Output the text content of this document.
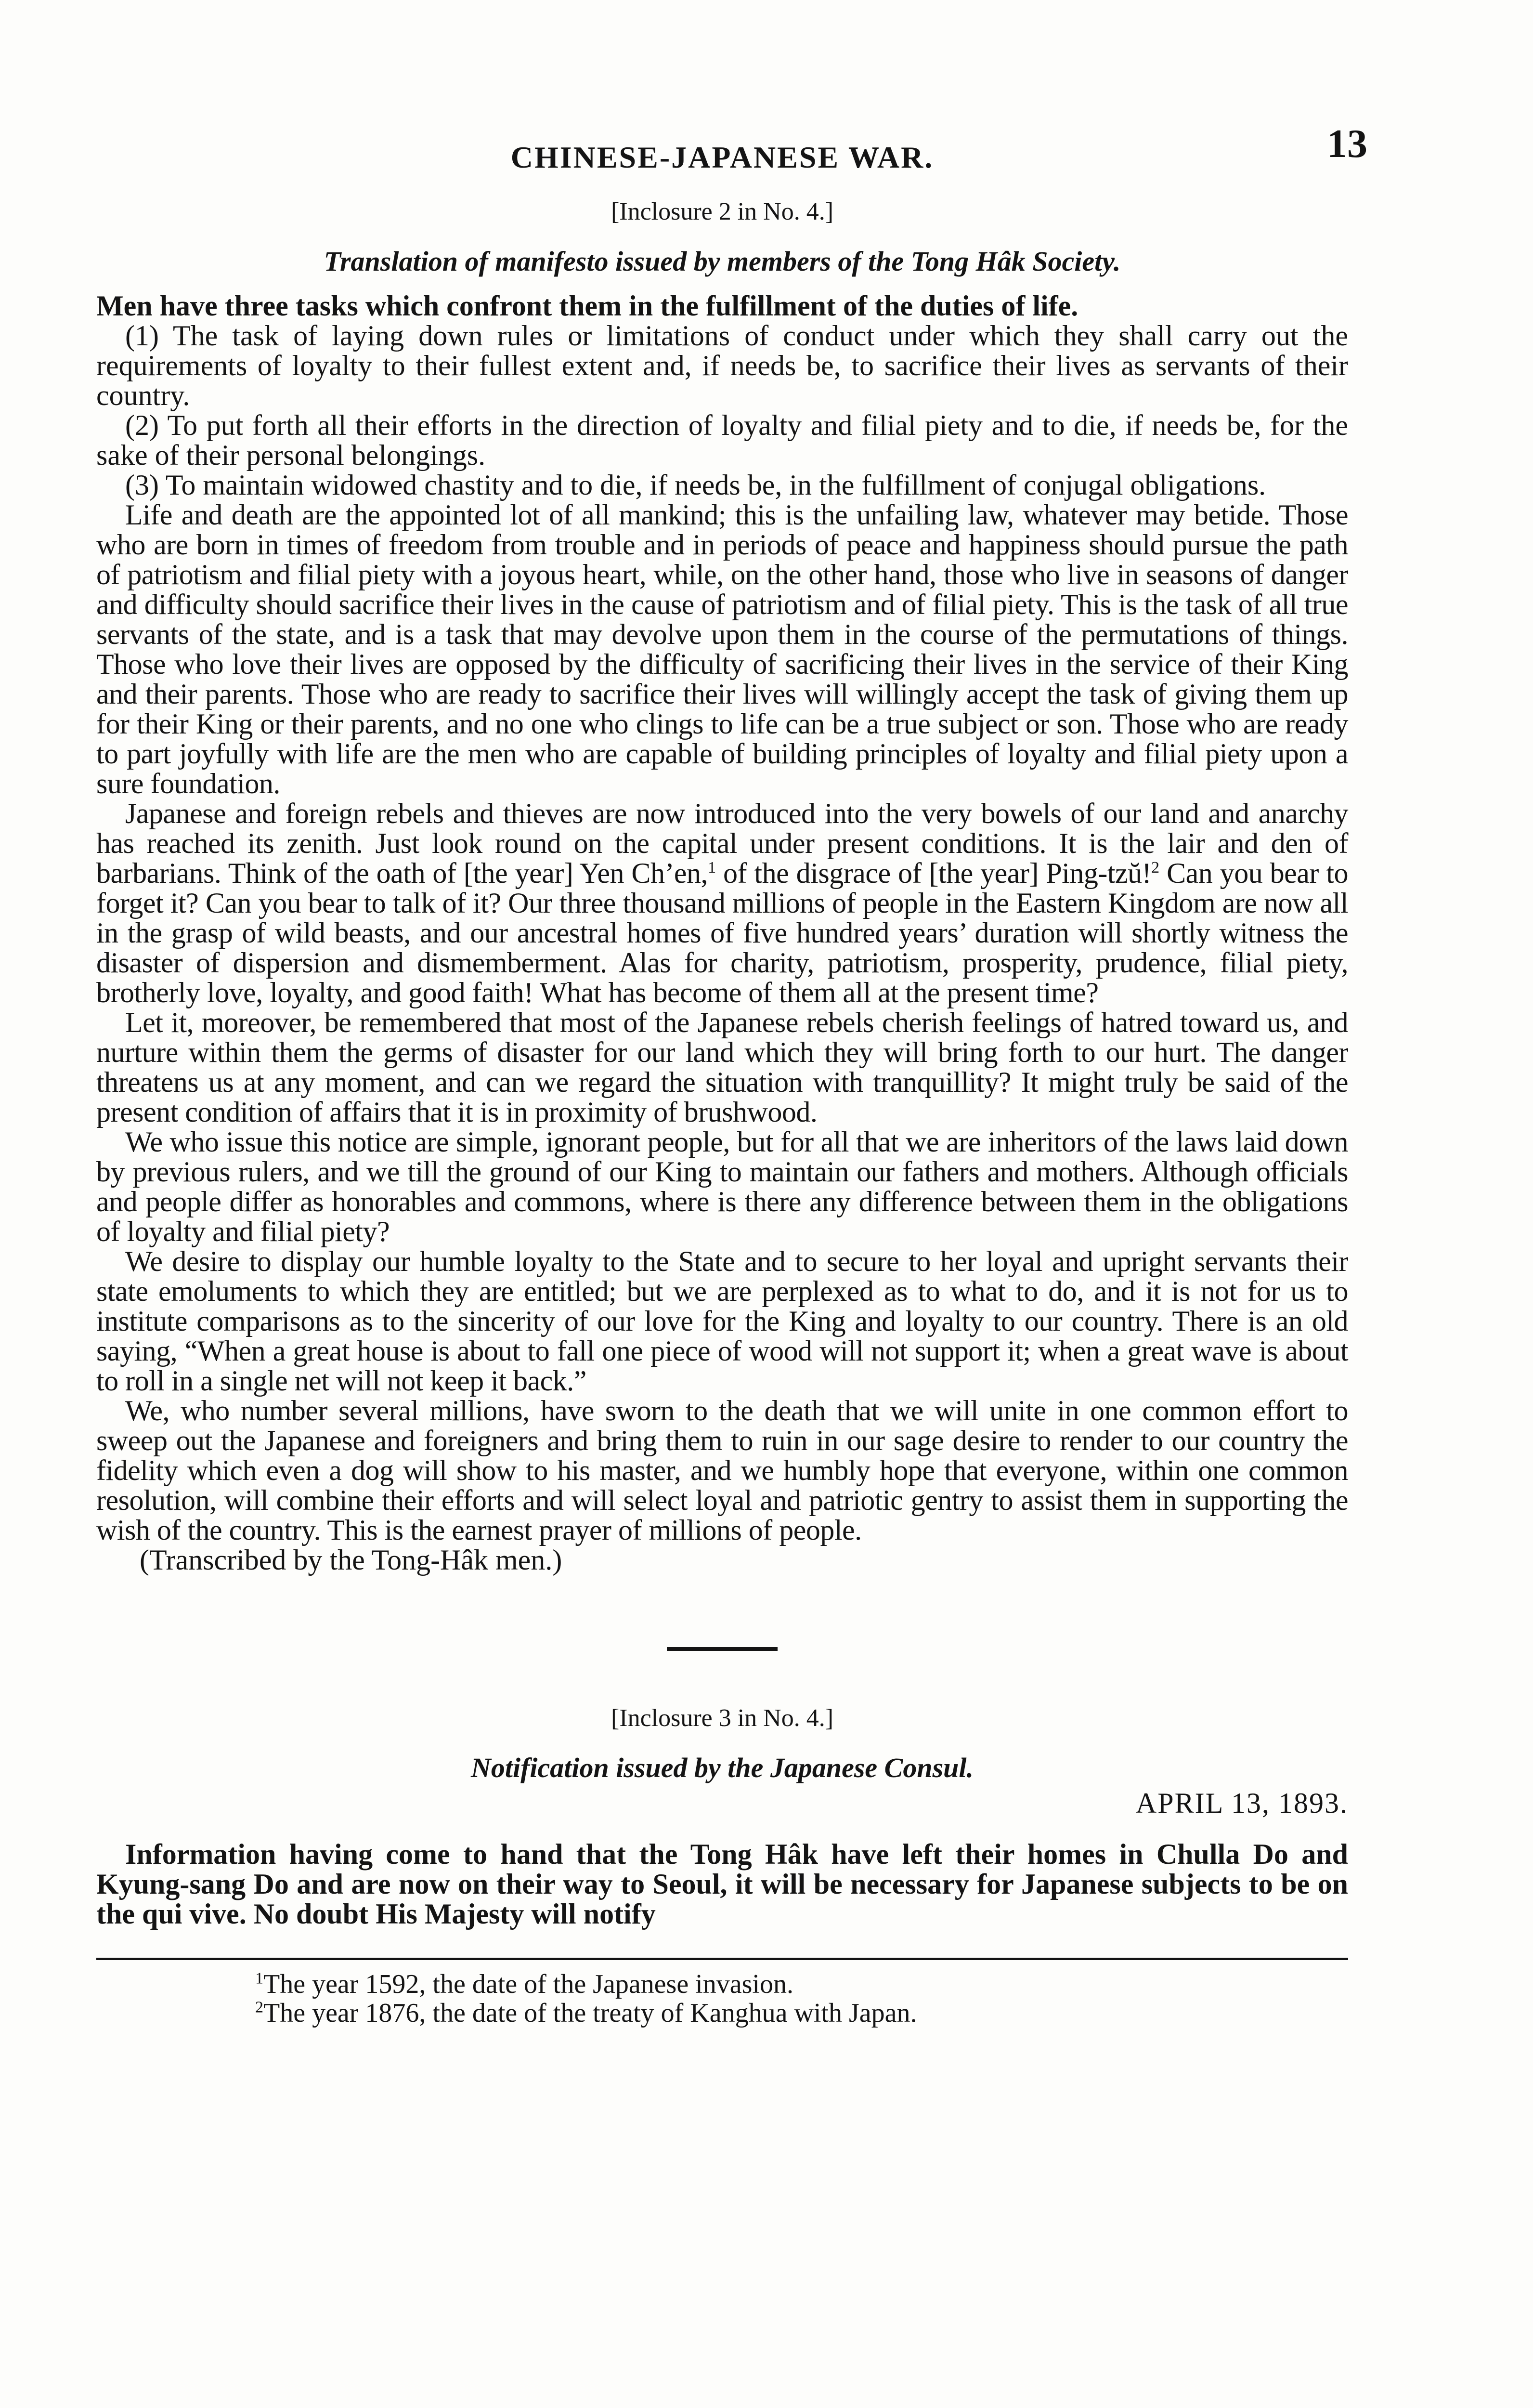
CHINESE-JAPANESE WAR.	13
[Inclosure 2 in No. 4.]
Translation of manifesto issued by members of the Tong Hâk Society.

Men have three tasks which confront them in the fulfillment of the duties of life.

(1) The task of laying down rules or limitations of conduct under which they shall carry out the requirements of loyalty to their fullest extent and, if needs be, to sacrifice their lives as servants of their country.

(2) To put forth all their efforts in the direction of loyalty and filial piety and to die, if needs be, for the sake of their personal belongings.

(3) To maintain widowed chastity and to die, if needs be, in the fulfillment of conjugal obligations.

Life and death are the appointed lot of all mankind; this is the unfailing law, whatever may betide. Those who are born in times of freedom from trouble and in periods of peace and happiness should pursue the path of patriotism and filial piety with a joyous heart, while, on the other hand, those who live in seasons of danger and difficulty should sacrifice their lives in the cause of patriotism and of filial piety. This is the task of all true servants of the state, and is a task that may devolve upon them in the course of the permutations of things. Those who love their lives are opposed by the difficulty of sacrificing their lives in the service of their King and their parents. Those who are ready to sacrifice their lives will willingly accept the task of giving them up for their King or their parents, and no one who clings to life can be a true subject or son. Those who are ready to part joyfully with life are the men who are capable of building principles of loyalty and filial piety upon a sure foundation.

Japanese and foreign rebels and thieves are now introduced into the very bowels of our land and anarchy has reached its zenith. Just look round on the capital under present conditions. It is the lair and den of barbarians. Think of the oath of [the year] Yen Ch’en,$^1$ of the disgrace of [the year] Ping-tzŭ!$^2$ Can you bear to forget it? Can you bear to talk of it? Our three thousand millions of people in the Eastern Kingdom are now all in the grasp of wild beasts, and our ancestral homes of five hundred years’ duration will shortly witness the disaster of dispersion and dismemberment. Alas for charity, patriotism, prosperity, prudence, filial piety, brotherly love, loyalty, and good faith! What has become of them all at the present time?

Let it, moreover, be remembered that most of the Japanese rebels cherish feelings of hatred toward us, and nurture within them the germs of disaster for our land which they will bring forth to our hurt. The danger threatens us at any moment, and can we regard the situation with tranquillity? It might truly be said of the present condition of affairs that it is in proximity of brushwood.

We who issue this notice are simple, ignorant people, but for all that we are inheritors of the laws laid down by previous rulers, and we till the ground of our King to maintain our fathers and mothers. Although officials and people differ as honorables and commons, where is there any difference between them in the obligations of loyalty and filial piety?

We desire to display our humble loyalty to the State and to secure to her loyal and upright servants their state emoluments to which they are entitled; but we are perplexed as to what to do, and it is not for us to institute comparisons as to the sincerity of our love for the King and loyalty to our country. There is an old saying, “When a great house is about to fall one piece of wood will not support it; when a great wave is about to roll in a single net will not keep it back.”

We, who number several millions, have sworn to the death that we will unite in one common effort to sweep out the Japanese and foreigners and bring them to ruin in our sage desire to render to our country the fidelity which even a dog will show to his master, and we humbly hope that everyone, within one common resolution, will combine their efforts and will select loyal and patriotic gentry to assist them in supporting the wish of the country. This is the earnest prayer of millions of people.

(Transcribed by the Tong-Hâk men.)

[Inclosure 3 in No. 4.]
Notification issued by the Japanese Consul.
APRIL 13, 1893.

Information having come to hand that the Tong Hâk have left their homes in Chulla Do and Kyung-sang Do and are now on their way to Seoul, it will be necessary for Japanese subjects to be on the qui vive. No doubt His Majesty will notify

$^1$The year 1592, the date of the Japanese invasion.

$^2$The year 1876, the date of the treaty of Kanghua with Japan.
